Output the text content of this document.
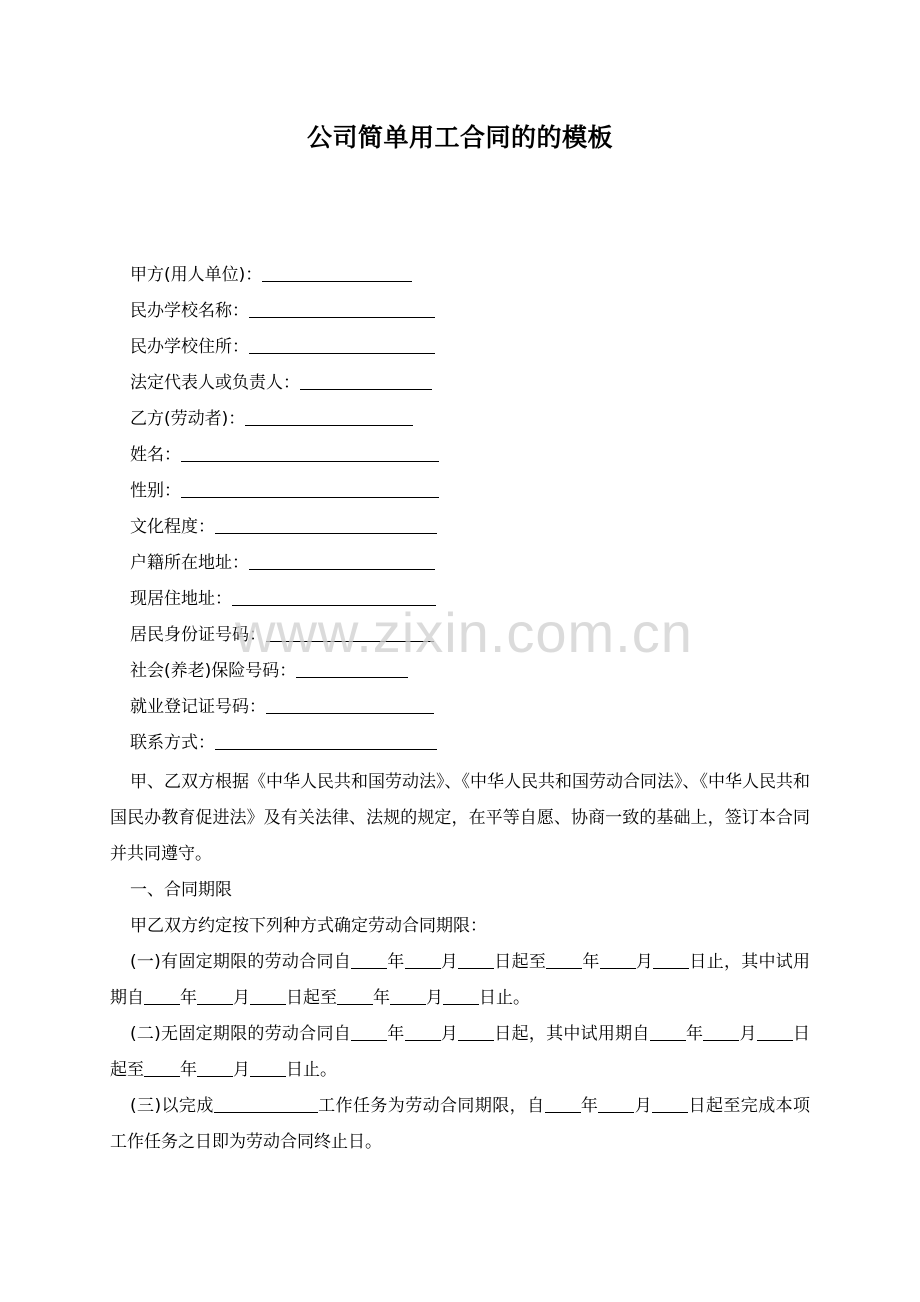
公司简单用工合同的的模板
甲方(用人单位)：
民办学校名称：
民办学校住所：
法定代表人或负责人：
乙方(劳动者)：
姓名：
性别：
文化程度：
户籍所在地址：
现居住地址：
居民身份证号码：
社会(养老)保险号码：
就业登记证号码：
联系方式：

甲、乙双方根据《中华人民共和国劳动法》、《中华人民共和国劳动合同法》、《中华人民共和国民办教育促进法》及有关法律、法规的规定，在平等自愿、协商一致的基础上，签订本合同并共同遵守。

一、合同期限

甲乙双方约定按下列种方式确定劳动合同期限：

(一)有固定期限的劳动合同自 年 月 日起至 年 月 日止，其中试用期自 年 月 日起至 年 月 日止。

(二)无固定期限的劳动合同自 年 月 日起，其中试用期自 年 月 日起至 年 月 日止。

(三)以完成	工作任务为劳动合同期限，自 年 月 日起至完成本项工作任务之日即为劳动合同终止日。

www.zixin.com.cn
